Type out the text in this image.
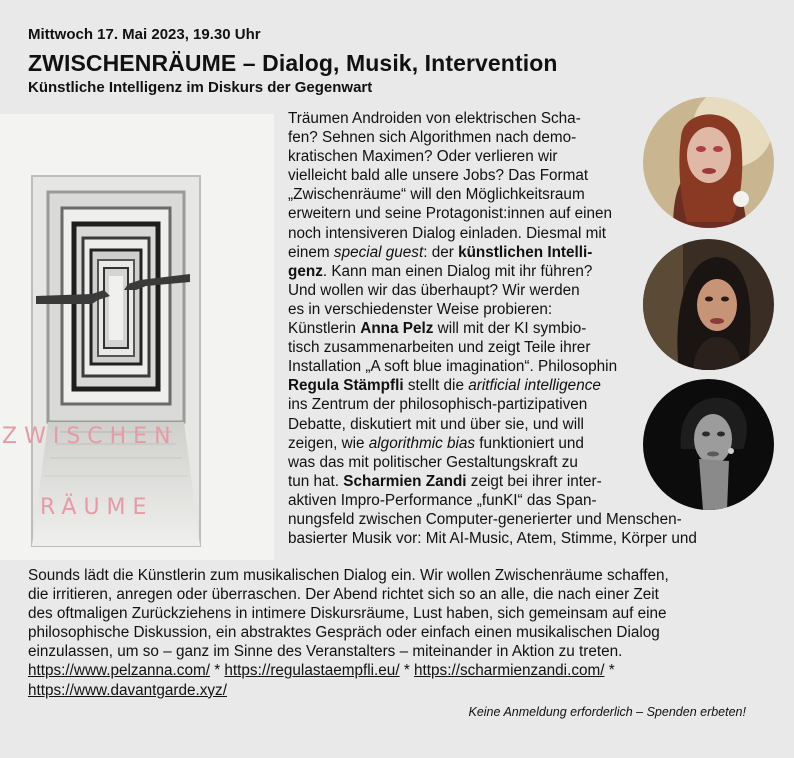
Mittwoch 17. Mai 2023, 19.30 Uhr
ZWISCHENRÄUME – Dialog, Musik, Intervention
Künstliche Intelligenz im Diskurs der Gegenwart
ZWISCHEN
RÄUME
Träumen Androiden von elektrischen Scha-
fen? Sehnen sich Algorithmen nach demo-
kratischen Maximen? Oder verlieren wir
vielleicht bald alle unsere Jobs? Das Format
„Zwischenräume“ will den Möglichkeitsraum
erweitern und seine Protagonist:innen auf einen
noch intensiveren Dialog einladen. Diesmal mit
einem special guest: der künstlichen Intelli-
genz. Kann man einen Dialog mit ihr führen?
Und wollen wir das überhaupt? Wir werden
es in verschiedenster Weise probieren:
Künstlerin Anna Pelz will mit der KI symbio-
tisch zusammenarbeiten und zeigt Teile ihrer
Installation „A soft blue imagination“. Philosophin
Regula Stämpfli stellt die aritficial intelligence
ins Zentrum der philosophisch-partizipativen
Debatte, diskutiert mit und über sie, und will
zeigen, wie algorithmic bias funktioniert und
was das mit politischer Gestaltungskraft zu
tun hat. Scharmien Zandi zeigt bei ihrer inter-
aktiven Impro-Performance „funKI“ das Span-
nungsfeld zwischen Computer-generierter und Menschen-
basierter Musik vor: Mit AI-Music, Atem, Stimme, Körper und
Sounds lädt die Künstlerin zum musikalischen Dialog ein. Wir wollen Zwischenräume schaffen,
die irritieren, anregen oder überraschen. Der Abend richtet sich so an alle, die nach einer Zeit
des oftmaligen Zurückziehens in intimere Diskursräume, Lust haben, sich gemeinsam auf eine
philosophische Diskussion, ein abstraktes Gespräch oder einfach einen musikalischen Dialog
einzulassen, um so – ganz im Sinne des Veranstalters – miteinander in Aktion zu treten.
https://www.pelzanna.com/ * https://regulastaempfli.eu/ * https://scharmienzandi.com/ *
https://www.davantgarde.xyz/
Keine Anmeldung erforderlich – Spenden erbeten!
